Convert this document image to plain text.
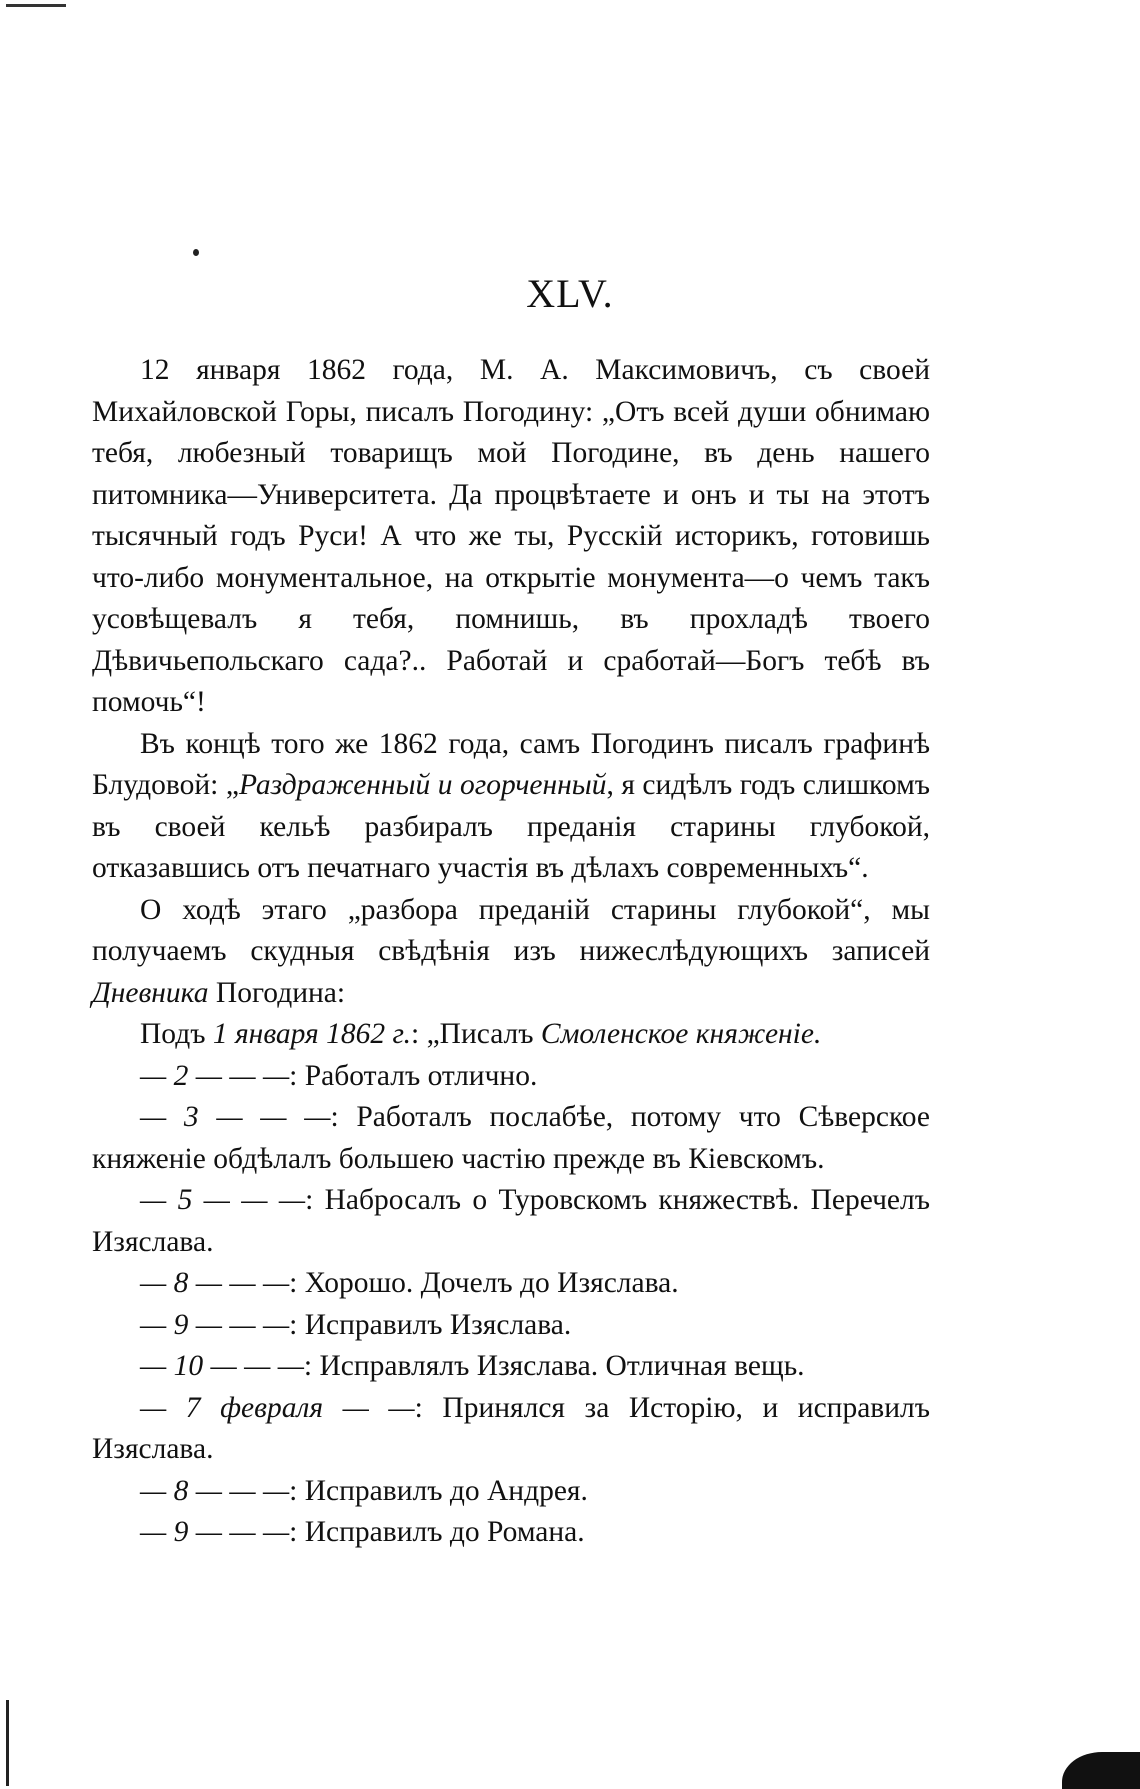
XLV.

12 января 1862 года, М. А. Максимовичъ, съ своей Михайловской Горы, писалъ Погодину: „Отъ всей души обнимаю тебя, любезный товарищъ мой Погодине, въ день нашего питомника—Университета. Да процвѣтаете и онъ и ты на этотъ тысячный годъ Руси! А что же ты, Русскій историкъ, готовишь что-либо монументальное, на открытіе монумента—о чемъ такъ усовѣщевалъ я тебя, помнишь, въ прохладѣ твоего Дѣвичьепольскаго сада?.. Работай и сработай—Богъ тебѣ въ помочь“!

Въ концѣ того же 1862 года, самъ Погодинъ писалъ графинѣ Блудовой: „Раздраженный и огорченный, я сидѣлъ годъ слишкомъ въ своей кельѣ разбиралъ преданія старины глубокой, отказавшись отъ печатнаго участія въ дѣлахъ современныхъ“.

О ходѣ этаго „разбора преданій старины глубокой“, мы получаемъ скудныя свѣдѣнія изъ нижеслѣдующихъ записей Дневника Погодина:

Подъ 1 января 1862 г.: „Писалъ Смоленское княженіе.

— 2 — — —: Работалъ отлично.

— 3 — — —: Работалъ послабѣе, потому что Сѣверское княженіе обдѣлалъ большею частію прежде въ Кіевскомъ.

— 5 — — —: Набросалъ о Туровскомъ княжествѣ. Перечелъ Изяслава.

— 8 — — —: Хорошо. Дочелъ до Изяслава.

— 9 — — —: Исправилъ Изяслава.

— 10 — — —: Исправлялъ Изяслава. Отличная вещь.

— 7 февраля — —: Принялся за Исторію, и исправилъ Изяслава.

— 8 — — —: Исправилъ до Андрея.

— 9 — — —: Исправилъ до Романа.
